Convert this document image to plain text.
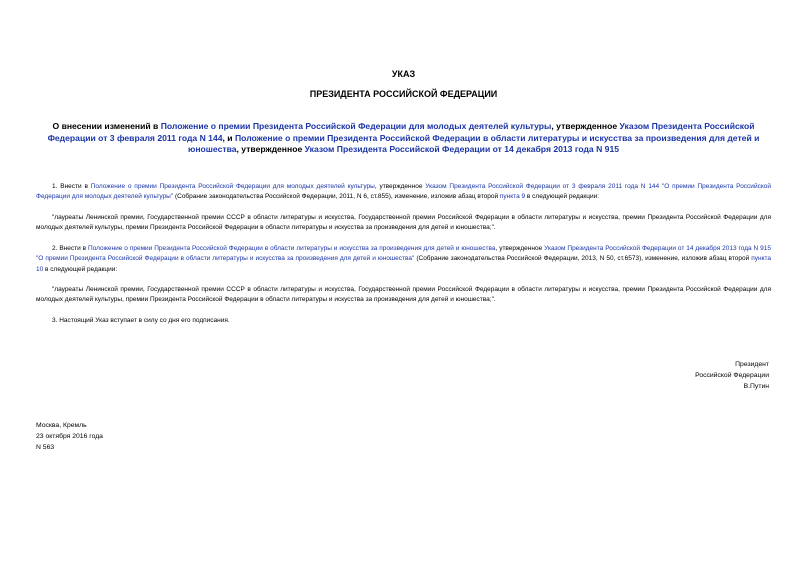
УКАЗ
ПРЕЗИДЕНТА РОССИЙСКОЙ ФЕДЕРАЦИИ
О внесении изменений в Положение о премии Президента Российской Федерации для молодых деятелей культуры, утвержденное Указом Президента Российской Федерации от 3 февраля 2011 года N 144, и Положение о премии Президента Российской Федерации в области литературы и искусства за произведения для детей и юношества, утвержденное Указом Президента Российской Федерации от 14 декабря 2013 года N 915
1. Внести в Положение о премии Президента Российской Федерации для молодых деятелей культуры, утвержденное Указом Президента Российской Федерации от 3 февраля 2011 года N 144 "О премии Президента Российской Федерации для молодых деятелей культуры" (Собрание законодательства Российской Федерации, 2011, N 6, ст.855), изменение, изложив абзац второй пункта 9 в следующей редакции:
"лауреаты Ленинской премии, Государственной премии СССР в области литературы и искусства, Государственной премии Российской Федерации в области литературы и искусства, премии Президента Российской Федерации для молодых деятелей культуры, премии Президента Российской Федерации в области литературы и искусства за произведения для детей и юношества;".
2. Внести в Положение о премии Президента Российской Федерации в области литературы и искусства за произведения для детей и юношества, утвержденное Указом Президента Российской Федерации от 14 декабря 2013 года N 915 "О премии Президента Российской Федерации в области литературы и искусства за произведения для детей и юношества" (Собрание законодательства Российской Федерации, 2013, N 50, ст.6573), изменение, изложив абзац второй пункта 10 в следующей редакции:
"лауреаты Ленинской премии, Государственной премии СССР в области литературы и искусства, Государственной премии Российской Федерации в области литературы и искусства, премии Президента Российской Федерации для молодых деятелей культуры, премии Президента Российской Федерации в области литературы и искусства за произведения для детей и юношества;".
3. Настоящий Указ вступает в силу со дня его подписания.
Президент
Российской Федерации
В.Путин
Москва, Кремль
23 октября 2016 года
N 563
